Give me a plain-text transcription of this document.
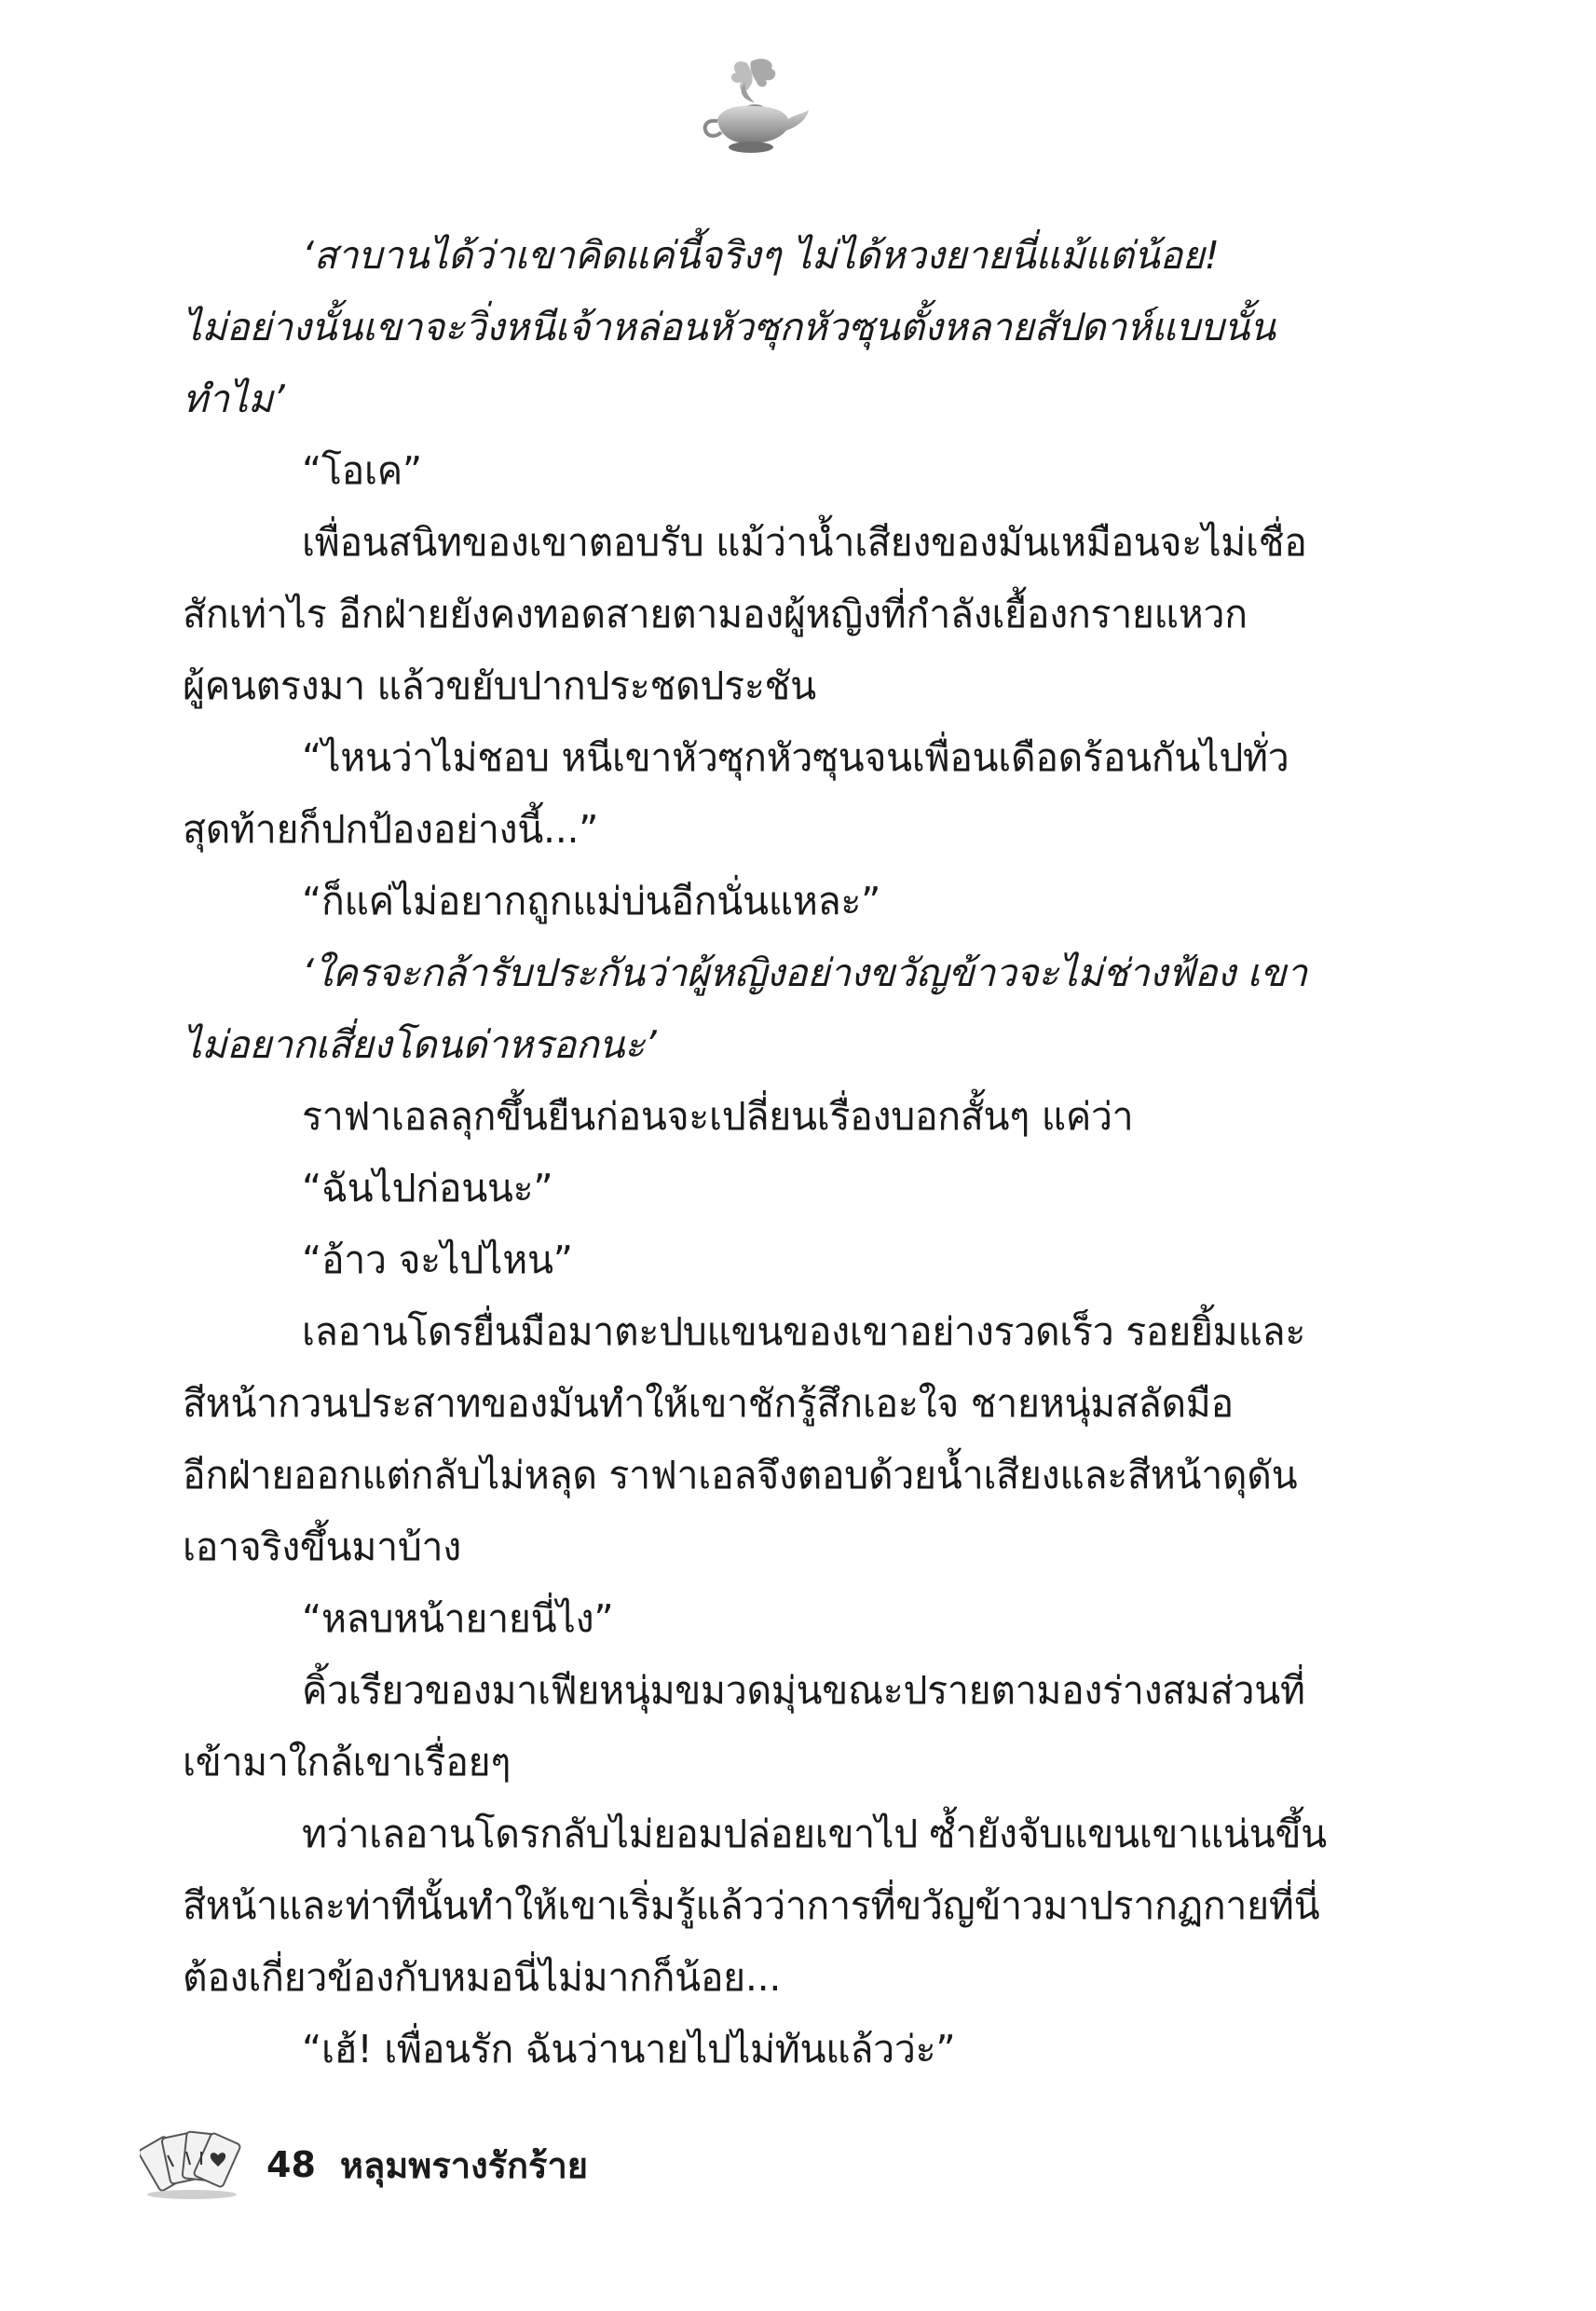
‘สาบานได้ว่าเขาคิดแค่นี้จริงๆ ไม่ได้หวงยายนี่แม้แต่น้อย!
ไม่อย่างนั้นเขาจะวิ่งหนีเจ้าหล่อนหัวซุกหัวซุนตั้งหลายสัปดาห์แบบนั้น
ทำไม’
“โอเค”
เพื่อนสนิทของเขาตอบรับ แม้ว่าน้ำเสียงของมันเหมือนจะไม่เชื่อ
สักเท่าไร อีกฝ่ายยังคงทอดสายตามองผู้หญิงที่กำลังเยื้องกรายแหวก
ผู้คนตรงมา แล้วขยับปากประชดประชัน
“ไหนว่าไม่ชอบ หนีเขาหัวซุกหัวซุนจนเพื่อนเดือดร้อนกันไปทั่ว
สุดท้ายก็ปกป้องอย่างนี้...”
“ก็แค่ไม่อยากถูกแม่บ่นอีกนั่นแหละ”
‘ใครจะกล้ารับประกันว่าผู้หญิงอย่างขวัญข้าวจะไม่ช่างฟ้อง เขา
ไม่อยากเสี่ยงโดนด่าหรอกนะ’
ราฟาเอลลุกขึ้นยืนก่อนจะเปลี่ยนเรื่องบอกสั้นๆ แค่ว่า
“ฉันไปก่อนนะ”
“อ้าว จะไปไหน”
เลอานโดรยื่นมือมาตะปบแขนของเขาอย่างรวดเร็ว รอยยิ้มและ
สีหน้ากวนประสาทของมันทำให้เขาชักรู้สึกเอะใจ ชายหนุ่มสลัดมือ
อีกฝ่ายออกแต่กลับไม่หลุด ราฟาเอลจึงตอบด้วยน้ำเสียงและสีหน้าดุดัน
เอาจริงขึ้นมาบ้าง
“หลบหน้ายายนี่ไง”
คิ้วเรียวของมาเฟียหนุ่มขมวดมุ่นขณะปรายตามองร่างสมส่วนที่
เข้ามาใกล้เขาเรื่อยๆ
ทว่าเลอานโดรกลับไม่ยอมปล่อยเขาไป ซ้ำยังจับแขนเขาแน่นขึ้น
สีหน้าและท่าทีนั้นทำให้เขาเริ่มรู้แล้วว่าการที่ขวัญข้าวมาปรากฏกายที่นี่
ต้องเกี่ยวข้องกับหมอนี่ไม่มากก็น้อย...
“เฮ้! เพื่อนรัก ฉันว่านายไปไม่ทันแล้วว่ะ”
48 หลุมพรางรักร้าย
